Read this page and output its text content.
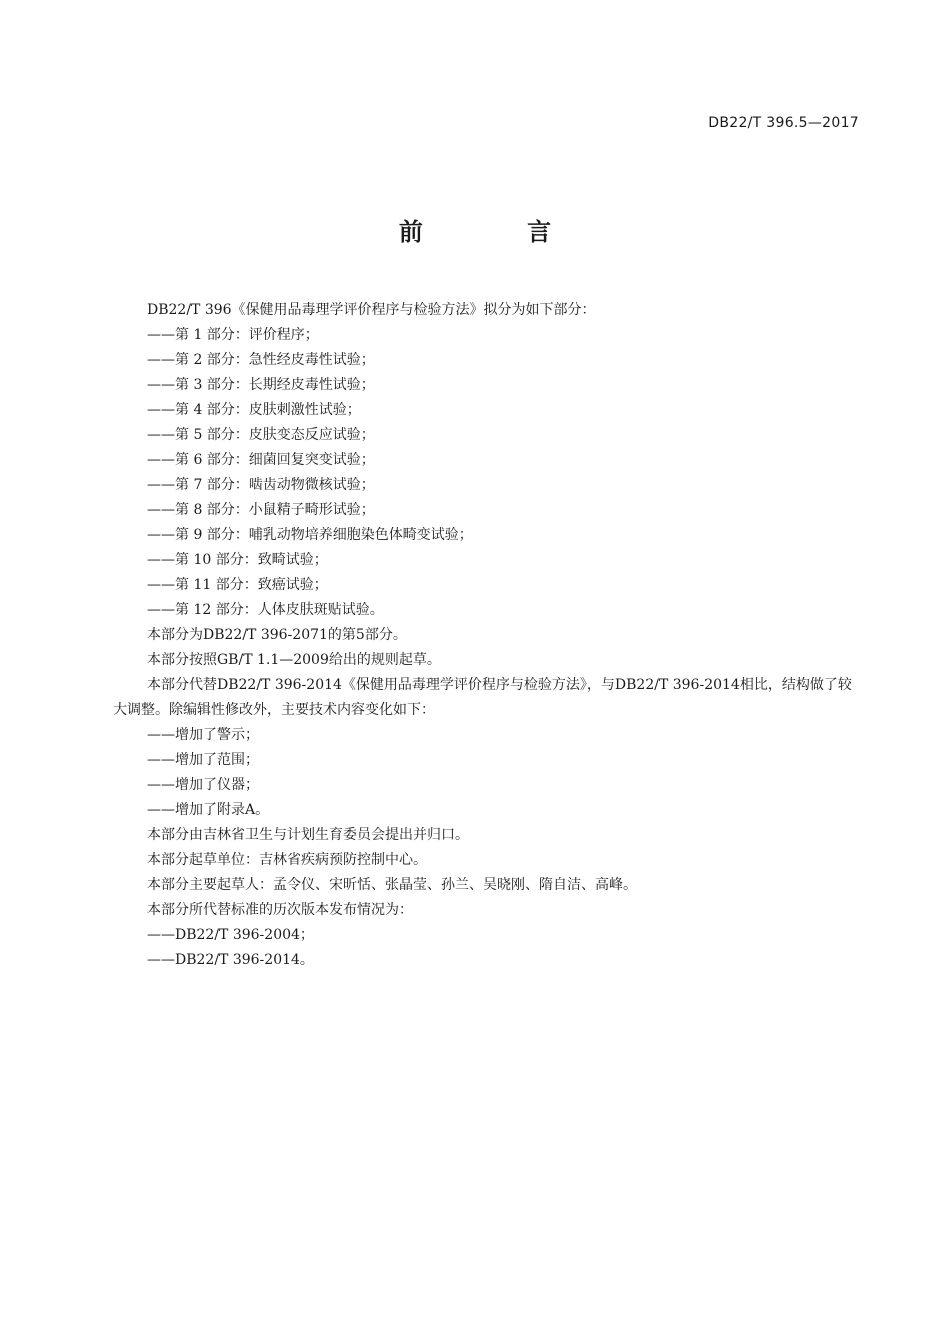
DB22/T 396.5—2017
前 言

DB22/T 396《保健用品毒理学评价程序与检验方法》拟分为如下部分：

——第 1 部分：评价程序；

——第 2 部分：急性经皮毒性试验；

——第 3 部分：长期经皮毒性试验；

——第 4 部分：皮肤刺激性试验；

——第 5 部分：皮肤变态反应试验；

——第 6 部分：细菌回复突变试验；

——第 7 部分：啮齿动物微核试验；

——第 8 部分：小鼠精子畸形试验；

——第 9 部分：哺乳动物培养细胞染色体畸变试验；

——第 10 部分：致畸试验；

——第 11 部分：致癌试验；

——第 12 部分：人体皮肤斑贴试验。

本部分为DB22/T 396-2071的第5部分。

本部分按照GB/T 1.1—2009给出的规则起草。

本部分代替DB22/T 396-2014《保健用品毒理学评价程序与检验方法》，与DB22/T 396-2014相比，结构做了较大调整。除编辑性修改外，主要技术内容变化如下：

——增加了警示；

——增加了范围；

——增加了仪器；

——增加了附录A。

本部分由吉林省卫生与计划生育委员会提出并归口。

本部分起草单位：吉林省疾病预防控制中心。

本部分主要起草人：孟令仪、宋昕恬、张晶莹、孙兰、吴晓刚、隋自洁、高峰。

本部分所代替标准的历次版本发布情况为：

——DB22/T 396-2004；

——DB22/T 396-2014。
